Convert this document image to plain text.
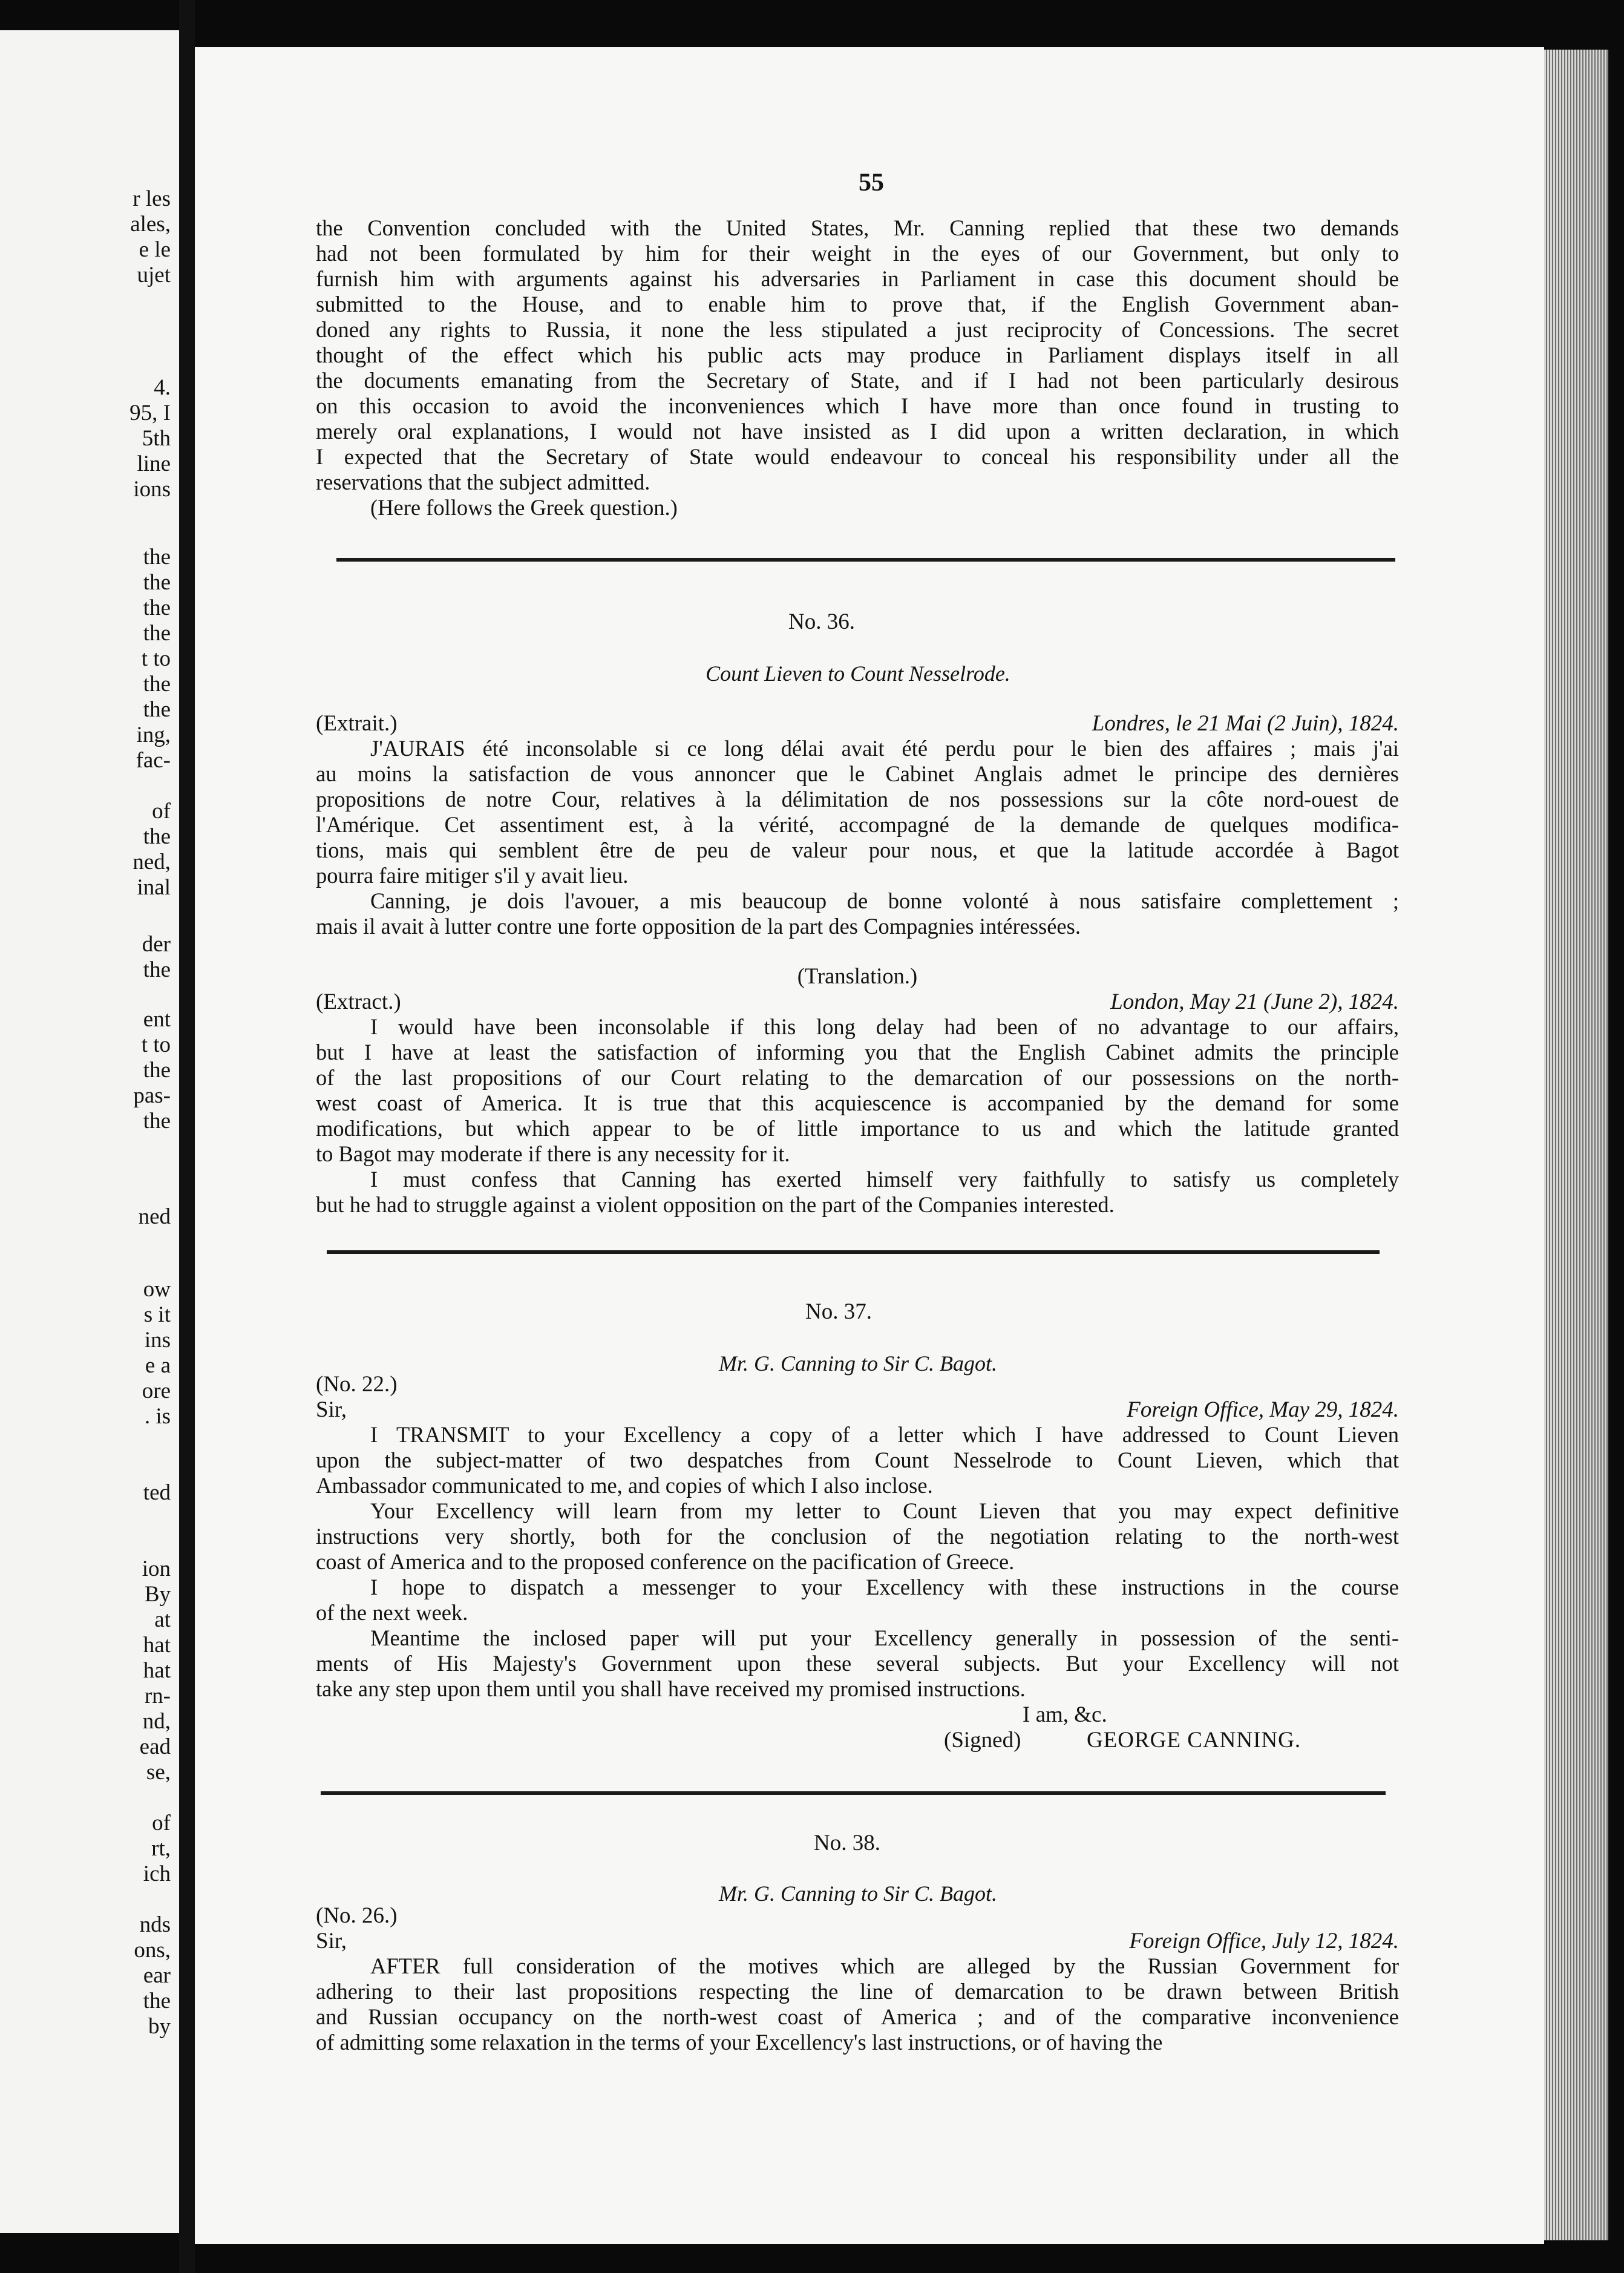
r les
ales,
e le
ujet
4.
95, I
5th
line
ions
the
the
the
the
t to
the
the
ing,
fac-
of
the
ned,
inal
der
the
ent
t to
the
pas-
the
ned
ow
s it
ins
e a
ore
. is
ted
ion
By
at
hat
hat
rn-
nd,
ead
se,
of
rt,
ich
nds
ons,
ear
the
by
55
the Convention concluded with the United States, Mr. Canning replied that these two demands
had not been formulated by him for their weight in the eyes of our Government, but only to
furnish him with arguments against his adversaries in Parliament in case this document should be
submitted to the House, and to enable him to prove that, if the English Government aban-
doned any rights to Russia, it none the less stipulated a just reciprocity of Concessions. The secret
thought of the effect which his public acts may produce in Parliament displays itself in all
the documents emanating from the Secretary of State, and if I had not been particularly desirous
on this occasion to avoid the inconveniences which I have more than once found in trusting to
merely oral explanations, I would not have insisted as I did upon a written declaration, in which
I expected that the Secretary of State would endeavour to conceal his responsibility under all the
reservations that the subject admitted.

(Here follows the Greek question.)

No. 36.
Count Lieven to Count Nesselrode.
(Extrait.)	Londres, le 21 Mai (2 Juin), 1824.
J'AURAIS été inconsolable si ce long délai avait été perdu pour le bien des affaires ; mais j'ai
au moins la satisfaction de vous annoncer que le Cabinet Anglais admet le principe des dernières
propositions de notre Cour, relatives à la délimitation de nos possessions sur la côte nord-ouest de
l'Amérique. Cet assentiment est, à la vérité, accompagné de la demande de quelques modifica-
tions, mais qui semblent être de peu de valeur pour nous, et que la latitude accordée à Bagot
pourra faire mitiger s'il y avait lieu.
Canning, je dois l'avouer, a mis beaucoup de bonne volonté à nous satisfaire complettement ;
mais il avait à lutter contre une forte opposition de la part des Compagnies intéressées.
(Translation.)
(Extract.)	London, May 21 (June 2), 1824.
I would have been inconsolable if this long delay had been of no advantage to our affairs,
but I have at least the satisfaction of informing you that the English Cabinet admits the principle
of the last propositions of our Court relating to the demarcation of our possessions on the north-
west coast of America. It is true that this acquiescence is accompanied by the demand for some
modifications, but which appear to be of little importance to us and which the latitude granted
to Bagot may moderate if there is any necessity for it.
I must confess that Canning has exerted himself very faithfully to satisfy us completely
but he had to struggle against a violent opposition on the part of the Companies interested.
No. 37.
Mr. G. Canning to Sir C. Bagot.
(No. 22.)
Sir,	Foreign Office, May 29, 1824.
I TRANSMIT to your Excellency a copy of a letter which I have addressed to Count Lieven
upon the subject-matter of two despatches from Count Nesselrode to Count Lieven, which that
Ambassador communicated to me, and copies of which I also inclose.
Your Excellency will learn from my letter to Count Lieven that you may expect definitive
instructions very shortly, both for the conclusion of the negotiation relating to the north-west
coast of America and to the proposed conference on the pacification of Greece.
I hope to dispatch a messenger to your Excellency with these instructions in the course
of the next week.
Meantime the inclosed paper will put your Excellency generally in possession of the senti-
ments of His Majesty's Government upon these several subjects. But your Excellency will not
take any step upon them until you shall have received my promised instructions.
I am, &c.
(Signed)	GEORGE CANNING.
No. 38.
Mr. G. Canning to Sir C. Bagot.
(No. 26.)
Sir,	Foreign Office, July 12, 1824.
AFTER full consideration of the motives which are alleged by the Russian Government for
adhering to their last propositions respecting the line of demarcation to be drawn between British
and Russian occupancy on the north-west coast of America ; and of the comparative inconvenience
of admitting some relaxation in the terms of your Excellency's last instructions, or of having the
